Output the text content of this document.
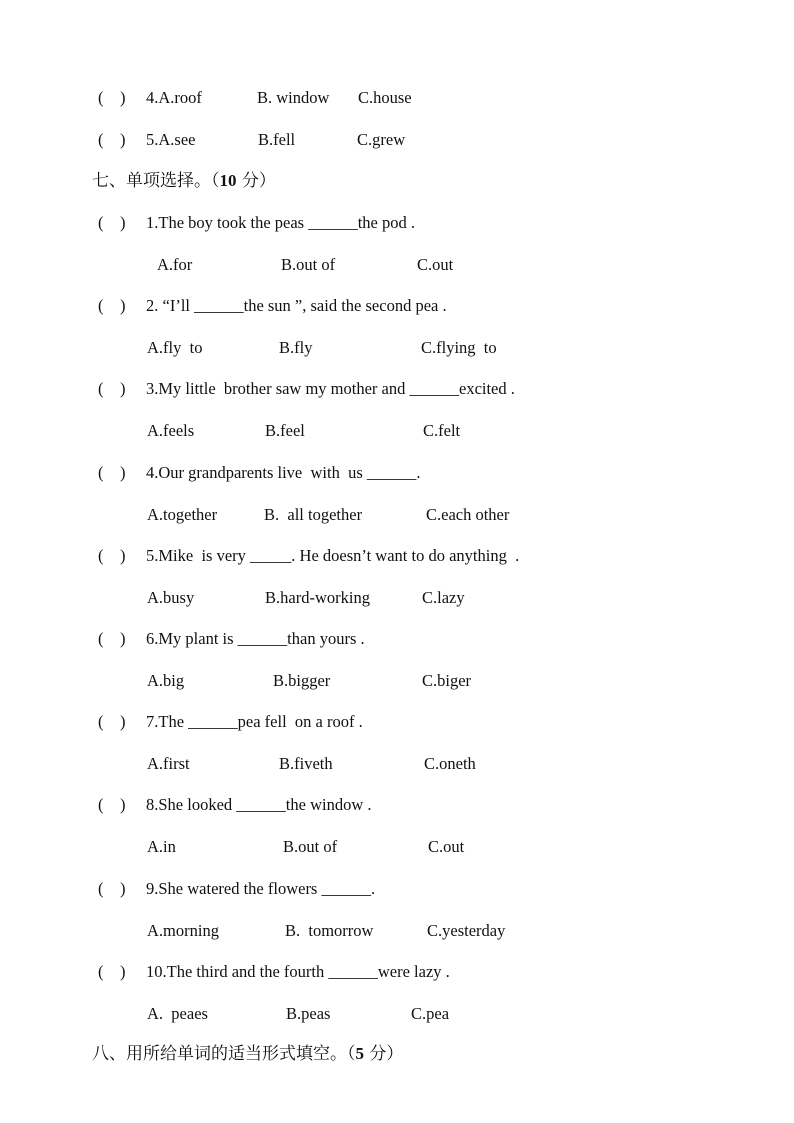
(    ) 4.A.roof	B. window C.house
(    ) 5.A.see	B.fell	C.grew
七、单项选择。（10 分）
(    ) 1.The boy took the peas ______the pod .
A.for	B.out of	C.out
(    ) 2. “I’ll ______the sun ”, said the second pea .
A.fly  to	B.fly	C.flying  to
(    ) 3.My little  brother saw my mother and ______excited .
A.feels	B.feel	C.felt
(    ) 4.Our grandparents live  with  us ______.
A.together	B.  all together	C.each other
(    ) 5.Mike  is very _____. He doesn’t want to do anything  .
A.busy	B.hard-working	C.lazy
(    ) 6.My plant is ______than yours .
A.big	B.bigger	C.biger
(    ) 7.The ______pea fell  on a roof .
A.first	B.fiveth	C.oneth
(    ) 8.She looked ______the window .
A.in	B.out of	C.out
(    ) 9.She watered the flowers ______.
A.morning	B.  tomorrow	C.yesterday
(    ) 10.The third and the fourth ______were lazy .
A.  peaes	B.peas	C.pea
八、用所给单词的适当形式填空。（5 分）
